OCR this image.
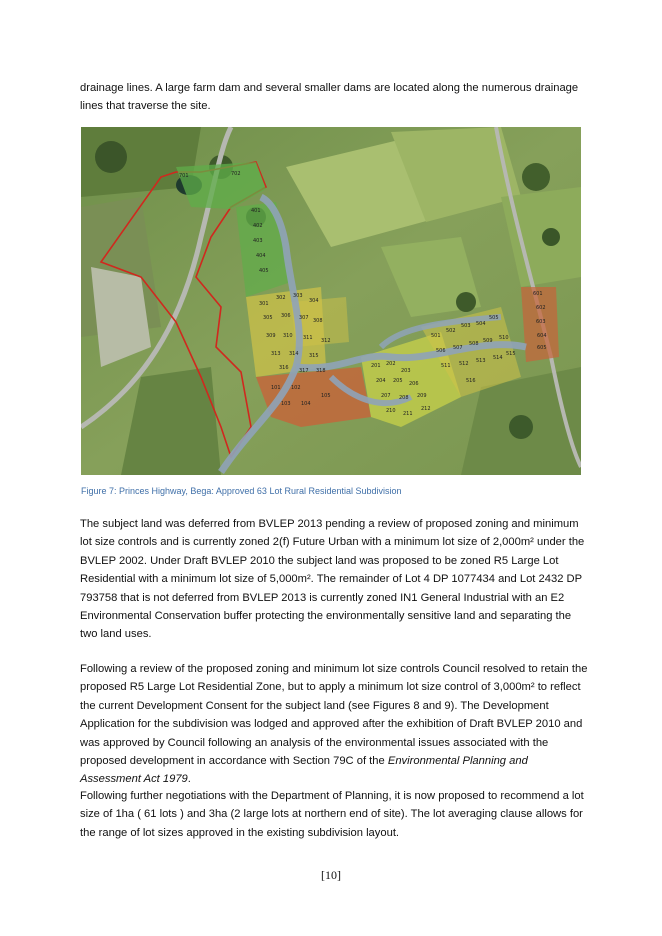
drainage lines. A large farm dam and several smaller dams are located along the numerous drainage lines that traverse the site.

701	702
401
402
403
404
405
301
302 303
304
305 306 307 308
309 310 311 312
313 314 315
316 317 318
501
502
503 504
505
506 507
508 509 510
511 512 513 514
515
516
601
602
603
604
605
101 102
103 104
105
201 202
203
204 205 206
207 208 209
210 211
212

Figure 7: Princes Highway, Bega: Approved 63 Lot Rural Residential Subdivision

The subject land was deferred from BVLEP 2013 pending a review of proposed zoning and minimum lot size controls and is currently zoned 2(f) Future Urban with a minimum lot size of 2,000m² under the BVLEP 2002. Under Draft BVLEP 2010 the subject land was proposed to be zoned R5 Large Lot Residential with a minimum lot size of 5,000m². The remainder of Lot 4 DP 1077434 and Lot 2432 DP 793758 that is not deferred from BVLEP 2013 is currently zoned IN1 General Industrial with an E2 Environmental Conservation buffer protecting the environmentally sensitive land and separating the two land uses.

Following a review of the proposed zoning and minimum lot size controls Council resolved to retain the proposed R5 Large Lot Residential Zone, but to apply a minimum lot size control of 3,000m² to reflect the current Development Consent for the subject land (see Figures 8 and 9). The Development Application for the subdivision was lodged and approved after the exhibition of Draft BVLEP 2010 and was approved by Council following an analysis of the environmental issues associated with the proposed development in accordance with Section 79C of the Environmental Planning and Assessment Act 1979.

Following further negotiations with the Department of Planning, it is now proposed to recommend a lot size of 1ha ( 61 lots ) and 3ha (2 large lots at northern end of site). The lot averaging clause allows for the range of lot sizes approved in the existing subdivision layout.

[10]
